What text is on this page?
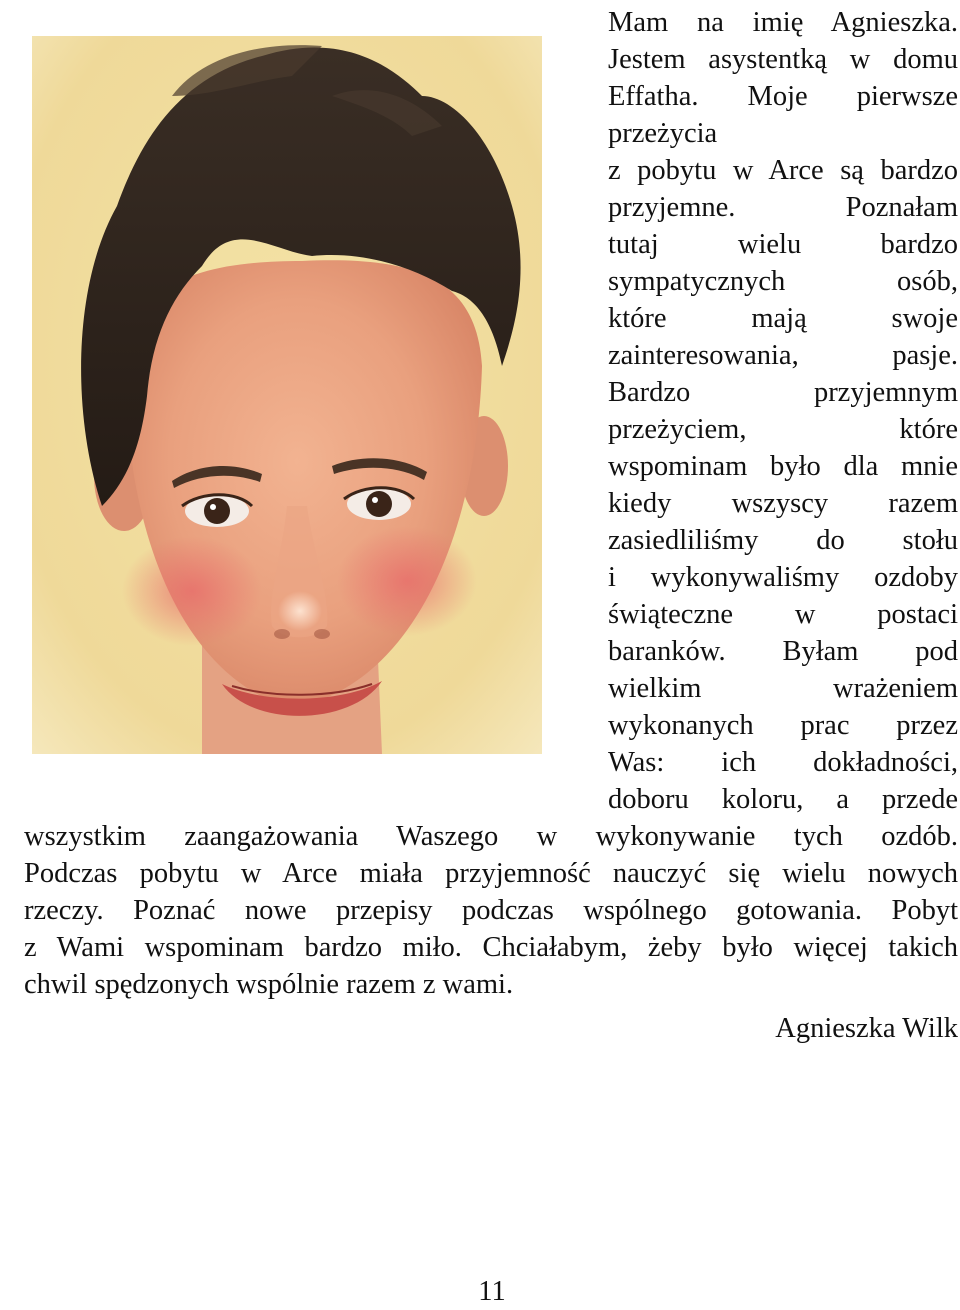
Mam na imię Agnieszka.
Jestem asystentką w domu
Effatha. Moje pierwsze
przeżycia
z pobytu w Arce są bardzo
przyjemne. Poznałam
tutaj wielu bardzo
sympatycznych osób,
które mają swoje
zainteresowania, pasje.
Bardzo przyjemnym
przeżyciem, które
wspominam było dla mnie
kiedy wszyscy razem
zasiedliliśmy do stołu
i wykonywaliśmy ozdoby
świąteczne w postaci
baranków. Byłam pod
wielkim wrażeniem
wykonanych prac przez
Was: ich dokładności,
doboru koloru, a przede
wszystkim zaangażowania Waszego w wykonywanie tych ozdób.
Podczas pobytu w Arce miała przyjemność nauczyć się wielu nowych
rzeczy. Poznać nowe przepisy podczas wspólnego gotowania. Pobyt
z Wami wspominam bardzo miło. Chciałabym, żeby było więcej takich
chwil spędzonych wspólnie razem z wami.
Agnieszka Wilk
11
